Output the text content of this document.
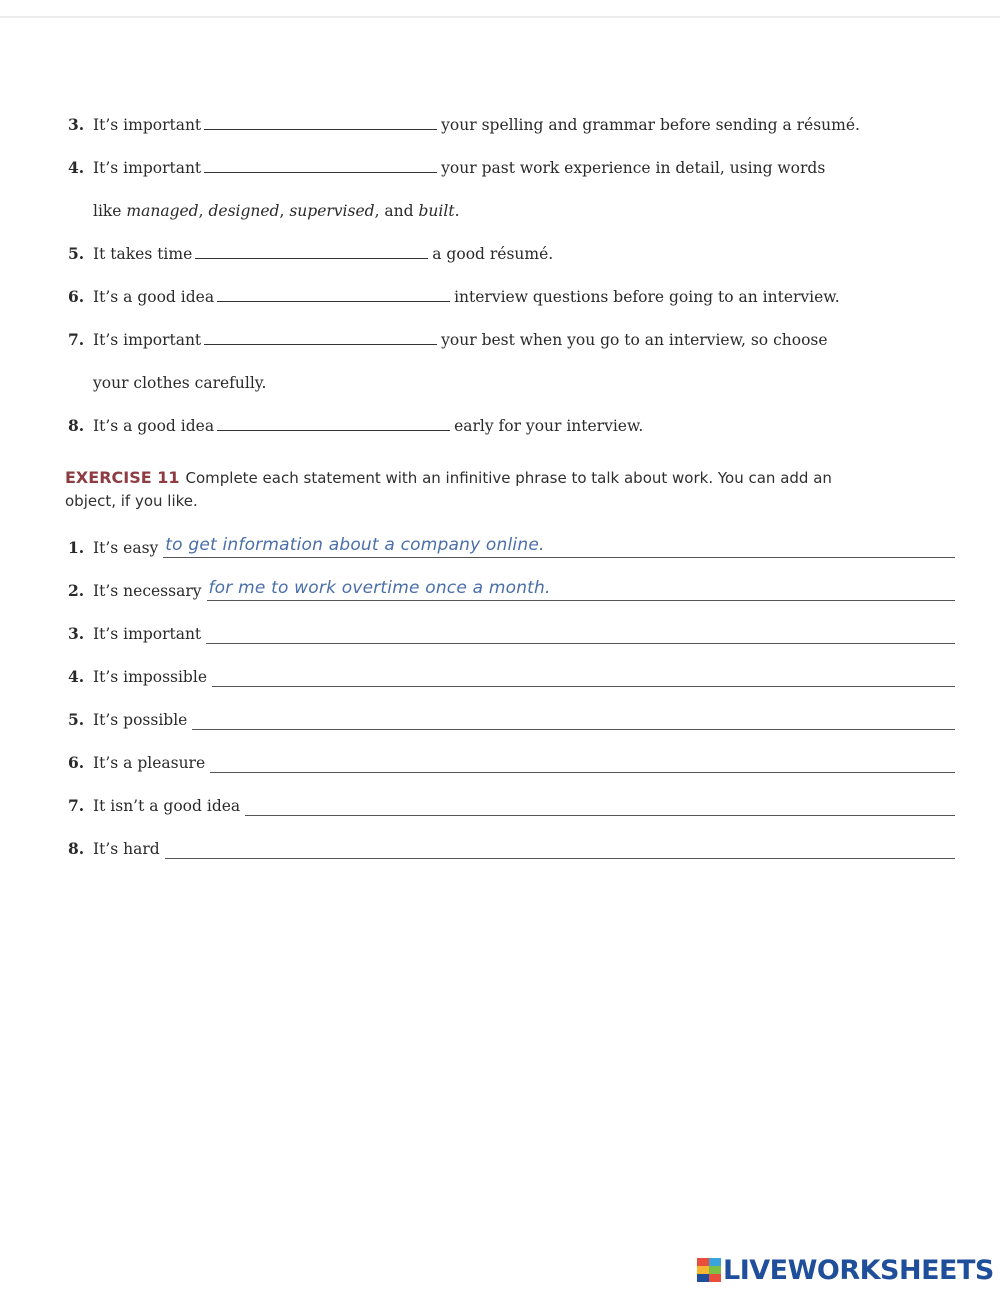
3. It’s important	your spelling and grammar before sending a résumé.
4. It’s important	your past work experience in detail, using words
like managed, designed, supervised, and built.
5. It takes time	a good résumé.
6. It’s a good idea	interview questions before going to an interview.
7. It’s important	your best when you go to an interview, so choose
your clothes carefully.
8. It’s a good idea	early for your interview.
EXERCISE 11 Complete each statement with an infinitive phrase to talk about work. You can add an
object, if you like.
1. It’s easy to get information about a company online.
2. It’s necessary for me to work overtime once a month.
3. It’s important
4. It’s impossible
5. It’s possible
6. It’s a pleasure
7. It isn’t a good idea
8. It’s hard
LIVEWORKSHEETS
